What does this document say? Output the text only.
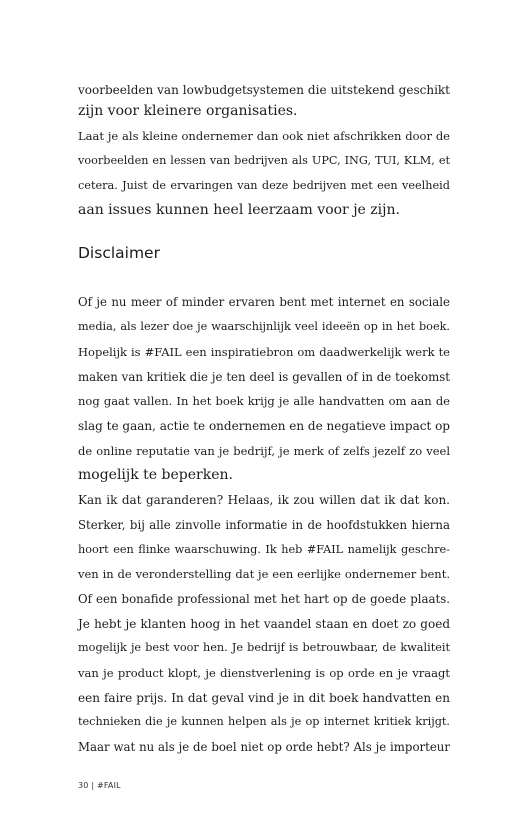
voorbeelden van lowbudgetsystemen die uitstekend geschikt
zijn voor kleinere organisaties.
Laat je als kleine ondernemer dan ook niet afschrikken door de
voorbeelden en lessen van bedrijven als UPC, ING, TUI, KLM, et
cetera. Juist de ervaringen van deze bedrijven met een veelheid
aan issues kunnen heel leerzaam voor je zijn.
Disclaimer
Of je nu meer of minder ervaren bent met internet en sociale
media, als lezer doe je waarschijnlijk veel ideeën op in het boek.
Hopelijk is #FAIL een inspiratiebron om daadwerkelijk werk te
maken van kritiek die je ten deel is gevallen of in de toekomst
nog gaat vallen. In het boek krijg je alle handvatten om aan de
slag te gaan, actie te ondernemen en de negatieve impact op
de online reputatie van je bedrijf, je merk of zelfs jezelf zo veel
mogelijk te beperken.
Kan ik dat garanderen? Helaas, ik zou willen dat ik dat kon.
Sterker, bij alle zinvolle informatie in de hoofdstukken hierna
hoort een flinke waarschuwing. Ik heb #FAIL namelijk geschre-
ven in de veronderstelling dat je een eerlijke ondernemer bent.
Of een bonafide professional met het hart op de goede plaats.
Je hebt je klanten hoog in het vaandel staan en doet zo goed
mogelijk je best voor hen. Je bedrijf is betrouwbaar, de kwaliteit
van je product klopt, je dienstverlening is op orde en je vraagt
een faire prijs. In dat geval vind je in dit boek handvatten en
technieken die je kunnen helpen als je op internet kritiek krijgt.
Maar wat nu als je de boel niet op orde hebt? Als je importeur
30 | #FAIL
